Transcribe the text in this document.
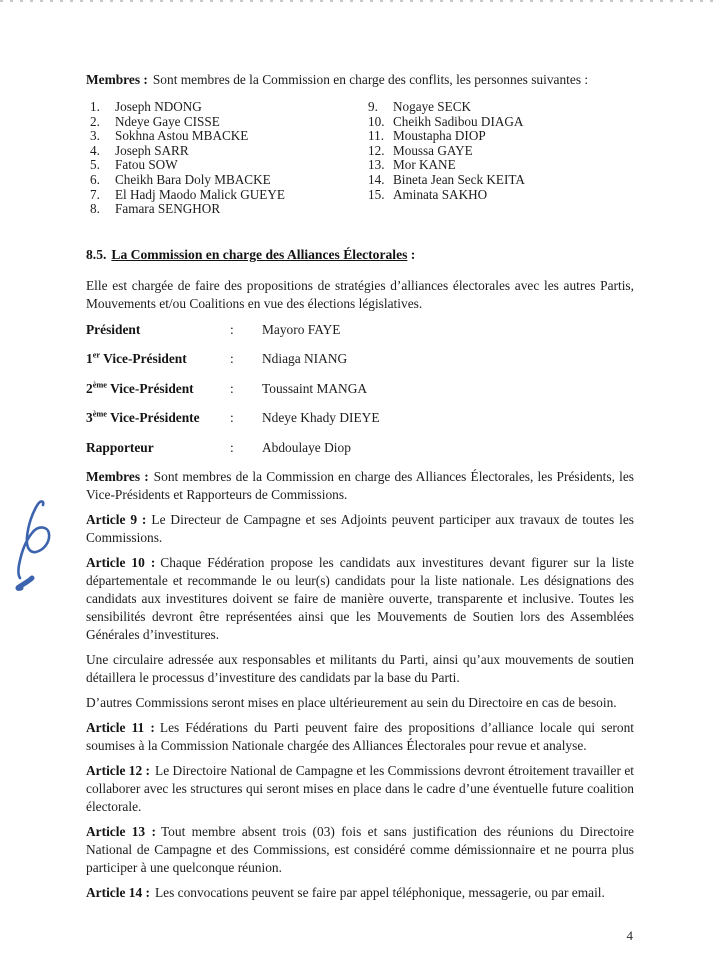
Membres : Sont membres de la Commission en charge des conflits, les personnes suivantes :

1.	Joseph NDONG
2.	Ndeye Gaye CISSE
3.	Sokhna Astou MBACKE
4.	Joseph SARR
5.	Fatou SOW
6.	Cheikh Bara Doly MBACKE
7.	El Hadj Maodo Malick GUEYE
8.	Famara SENGHOR
9.	Nogaye SECK
10. Cheikh Sadibou DIAGA
11. Moustapha DIOP
12. Moussa GAYE
13. Mor KANE
14. Bineta Jean Seck KEITA
15. Aminata SAKHO
8.5. La Commission en charge des Alliances Électorales :

Elle est chargée de faire des propositions de stratégies d’alliances électorales avec les autres Partis, Mouvements et/ou Coalitions en vue des élections législatives.

Président	:	Mayoro FAYE
1er Vice-Président	:	Ndiaga NIANG
2ème Vice-Président	:	Toussaint MANGA
3ème Vice-Présidente	:	Ndeye Khady DIEYE
Rapporteur	:	Abdoulaye Diop

Membres : Sont membres de la Commission en charge des Alliances Électorales, les Présidents, les Vice-Présidents et Rapporteurs de Commissions.

Article 9 : Le Directeur de Campagne et ses Adjoints peuvent participer aux travaux de toutes les Commissions.

Article 10 : Chaque Fédération propose les candidats aux investitures devant figurer sur la liste départementale et recommande le ou leur(s) candidats pour la liste nationale. Les désignations des candidats aux investitures doivent se faire de manière ouverte, transparente et inclusive. Toutes les sensibilités devront être représentées ainsi que les Mouvements de Soutien lors des Assemblées Générales d’investitures.

Une circulaire adressée aux responsables et militants du Parti, ainsi qu’aux mouvements de soutien détaillera le processus d’investiture des candidats par la base du Parti.

D’autres Commissions seront mises en place ultérieurement au sein du Directoire en cas de besoin.

Article 11 : Les Fédérations du Parti peuvent faire des propositions d’alliance locale qui seront soumises à la Commission Nationale chargée des Alliances Électorales pour revue et analyse.

Article 12 : Le Directoire National de Campagne et les Commissions devront étroitement travailler et collaborer avec les structures qui seront mises en place dans le cadre d’une éventuelle future coalition électorale.

Article 13 : Tout membre absent trois (03) fois et sans justification des réunions du Directoire National de Campagne et des Commissions, est considéré comme démissionnaire et ne pourra plus participer à une quelconque réunion.

Article 14 : Les convocations peuvent se faire par appel téléphonique, messagerie, ou par email.

4
